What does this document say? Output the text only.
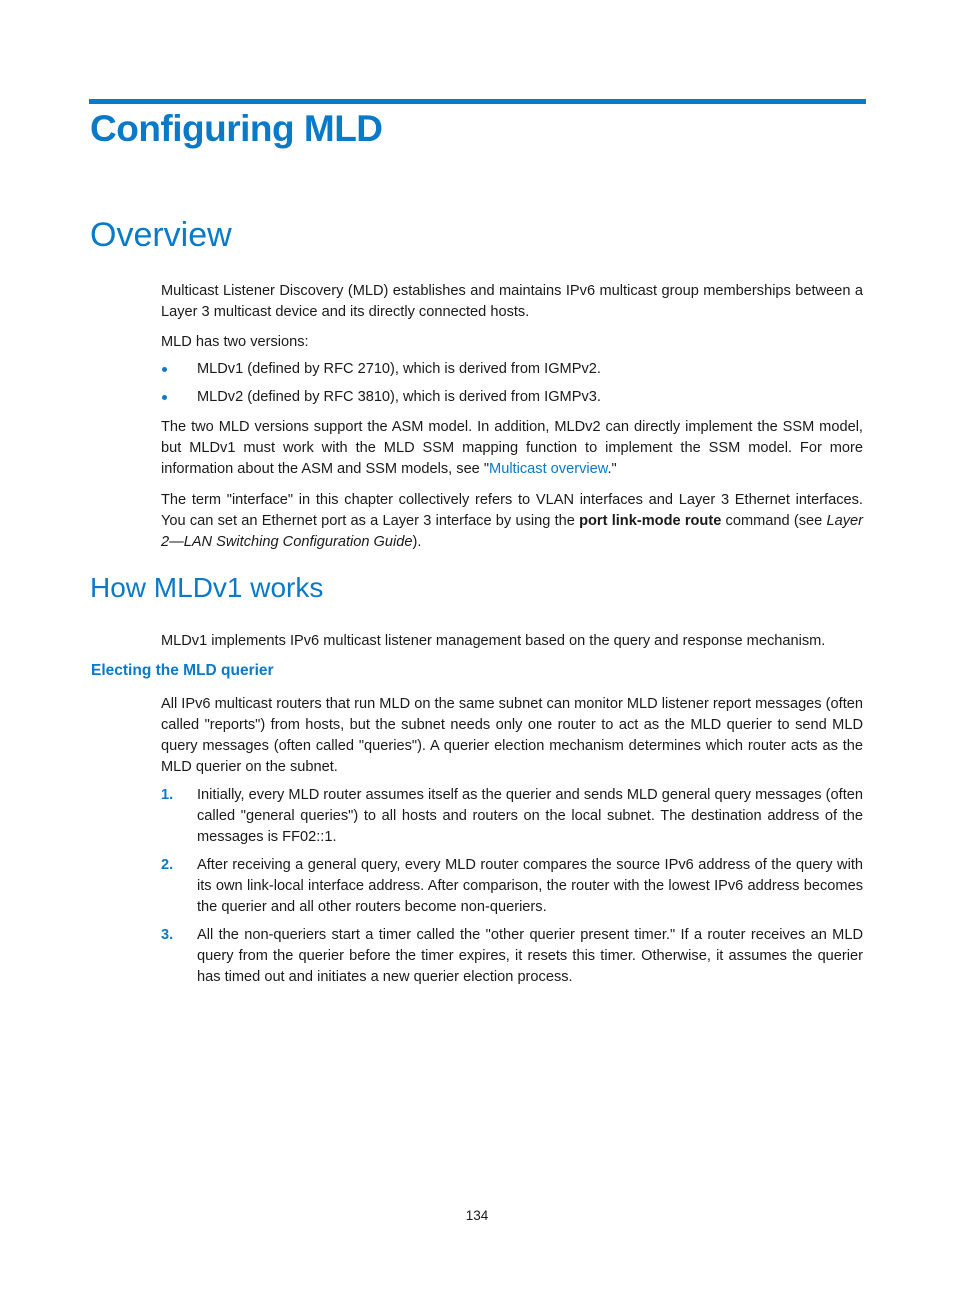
Configuring MLD
Overview

Multicast Listener Discovery (MLD) establishes and maintains IPv6 multicast group memberships between a Layer 3 multicast device and its directly connected hosts.

MLD has two versions:

MLDv1 (defined by RFC 2710), which is derived from IGMPv2.
MLDv2 (defined by RFC 3810), which is derived from IGMPv3.

The two MLD versions support the ASM model. In addition, MLDv2 can directly implement the SSM model, but MLDv1 must work with the MLD SSM mapping function to implement the SSM model. For more information about the ASM and SSM models, see "Multicast overview."

The term "interface" in this chapter collectively refers to VLAN interfaces and Layer 3 Ethernet interfaces. You can set an Ethernet port as a Layer 3 interface by using the port link-mode route command (see Layer 2—LAN Switching Configuration Guide).

How MLDv1 works

MLDv1 implements IPv6 multicast listener management based on the query and response mechanism.

Electing the MLD querier

All IPv6 multicast routers that run MLD on the same subnet can monitor MLD listener report messages (often called "reports") from hosts, but the subnet needs only one router to act as the MLD querier to send MLD query messages (often called "queries"). A querier election mechanism determines which router acts as the MLD querier on the subnet.

1. Initially, every MLD router assumes itself as the querier and sends MLD general query messages (often called "general queries") to all hosts and routers on the local subnet. The destination address of the messages is FF02::1.
2. After receiving a general query, every MLD router compares the source IPv6 address of the query with its own link-local interface address. After comparison, the router with the lowest IPv6 address becomes the querier and all other routers become non-queriers.
3. All the non-queriers start a timer called the "other querier present timer." If a router receives an MLD query from the querier before the timer expires, it resets this timer. Otherwise, it assumes the querier has timed out and initiates a new querier election process.
134
